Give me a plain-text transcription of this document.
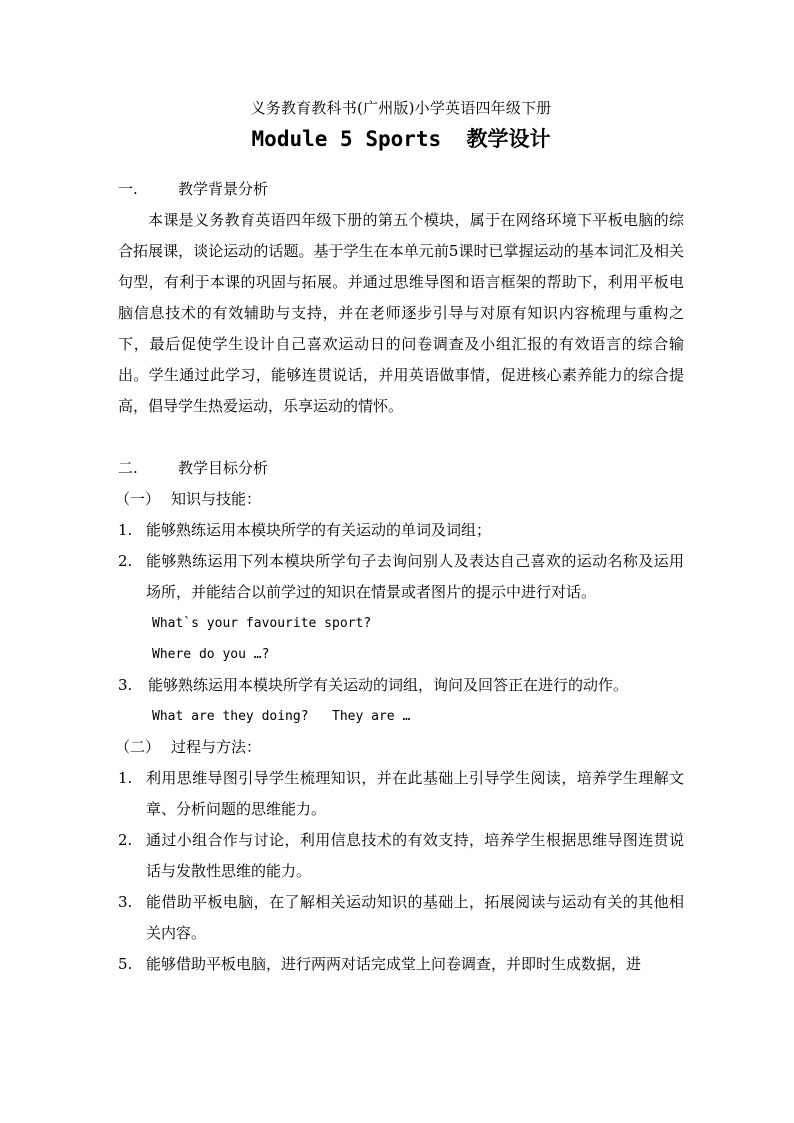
义务教育教科书(广州版)小学英语四年级下册

Module 5 Sports  教学设计

一.	教学背景分析

本课是义务教育英语四年级下册的第五个模块，属于在网络环境下平板电脑的综合拓展课，谈论运动的话题。基于学生在本单元前5课时已掌握运动的基本词汇及相关句型，有利于本课的巩固与拓展。并通过思维导图和语言框架的帮助下，利用平板电脑信息技术的有效辅助与支持，并在老师逐步引导与对原有知识内容梳理与重构之下，最后促使学生设计自己喜欢运动日的问卷调查及小组汇报的有效语言的综合输出。学生通过此学习，能够连贯说话，并用英语做事情，促进核心素养能力的综合提高，倡导学生热爱运动，乐享运动的情怀。

二.	教学目标分析

（一） 知识与技能：

1. 能够熟练运用本模块所学的有关运动的单词及词组；
2. 能够熟练运用下列本模块所学句子去询问别人及表达自己喜欢的运动名称及运用场所，并能结合以前学过的知识在情景或者图片的提示中进行对话。

What`s your favourite sport?

Where do you …?

3.	能够熟练运用本模块所学有关运动的词组，询问及回答正在进行的动作。

What are they doing?   They are …

（二） 过程与方法：

1. 利用思维导图引导学生梳理知识，并在此基础上引导学生阅读，培养学生理解文章、分析问题的思维能力。
2. 通过小组合作与讨论，利用信息技术的有效支持，培养学生根据思维导图连贯说话与发散性思维的能力。
3. 能借助平板电脑，在了解相关运动知识的基础上，拓展阅读与运动有关的其他相关内容。
5. 能够借助平板电脑，进行两两对话完成堂上问卷调查，并即时生成数据，进
